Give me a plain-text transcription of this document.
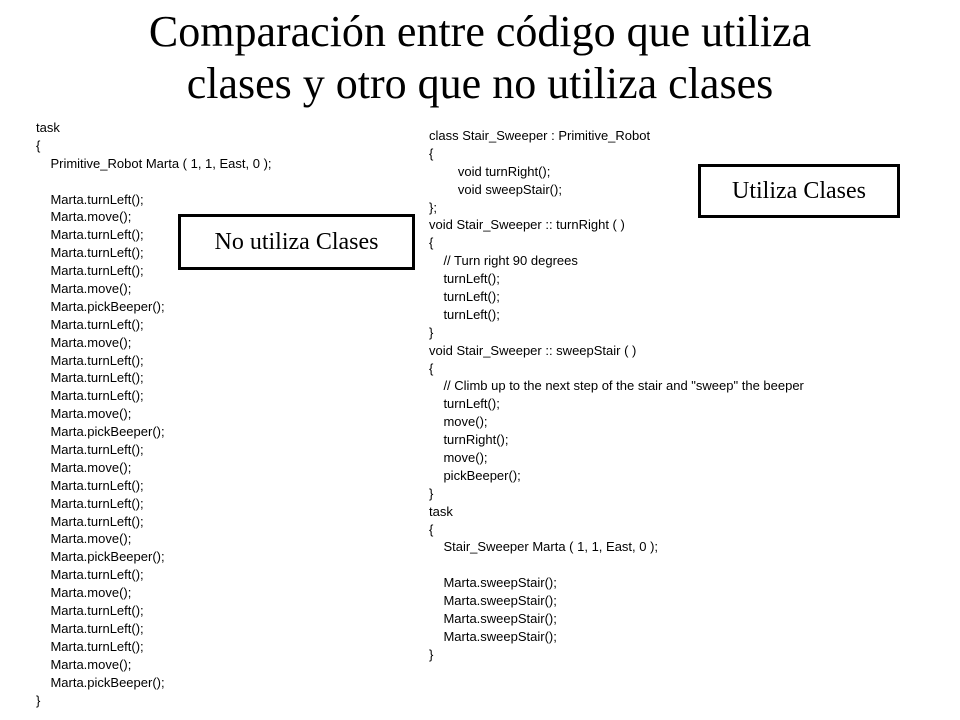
Comparación entre código que utiliza
clases y otro que no utiliza clases
task
{
Primitive_Robot Marta ( 1, 1, East, 0 );
Marta.turnLeft();
Marta.move();
Marta.turnLeft();
Marta.turnLeft();
Marta.turnLeft();
Marta.move();
Marta.pickBeeper();
Marta.turnLeft();
Marta.move();
Marta.turnLeft();
Marta.turnLeft();
Marta.turnLeft();
Marta.move();
Marta.pickBeeper();
Marta.turnLeft();
Marta.move();
Marta.turnLeft();
Marta.turnLeft();
Marta.turnLeft();
Marta.move();
Marta.pickBeeper();
Marta.turnLeft();
Marta.move();
Marta.turnLeft();
Marta.turnLeft();
Marta.turnLeft();
Marta.move();
Marta.pickBeeper();
}
class Stair_Sweeper : Primitive_Robot
{
void turnRight();
void sweepStair();
};
void Stair_Sweeper :: turnRight ( )
{
// Turn right 90 degrees
turnLeft();
turnLeft();
turnLeft();
}
void Stair_Sweeper :: sweepStair ( )
{
// Climb up to the next step of the stair and "sweep" the beeper
turnLeft();
move();
turnRight();
move();
pickBeeper();
}
task
{
Stair_Sweeper Marta ( 1, 1, East, 0 );
Marta.sweepStair();
Marta.sweepStair();
Marta.sweepStair();
Marta.sweepStair();
}
No utiliza Clases
Utiliza Clases
